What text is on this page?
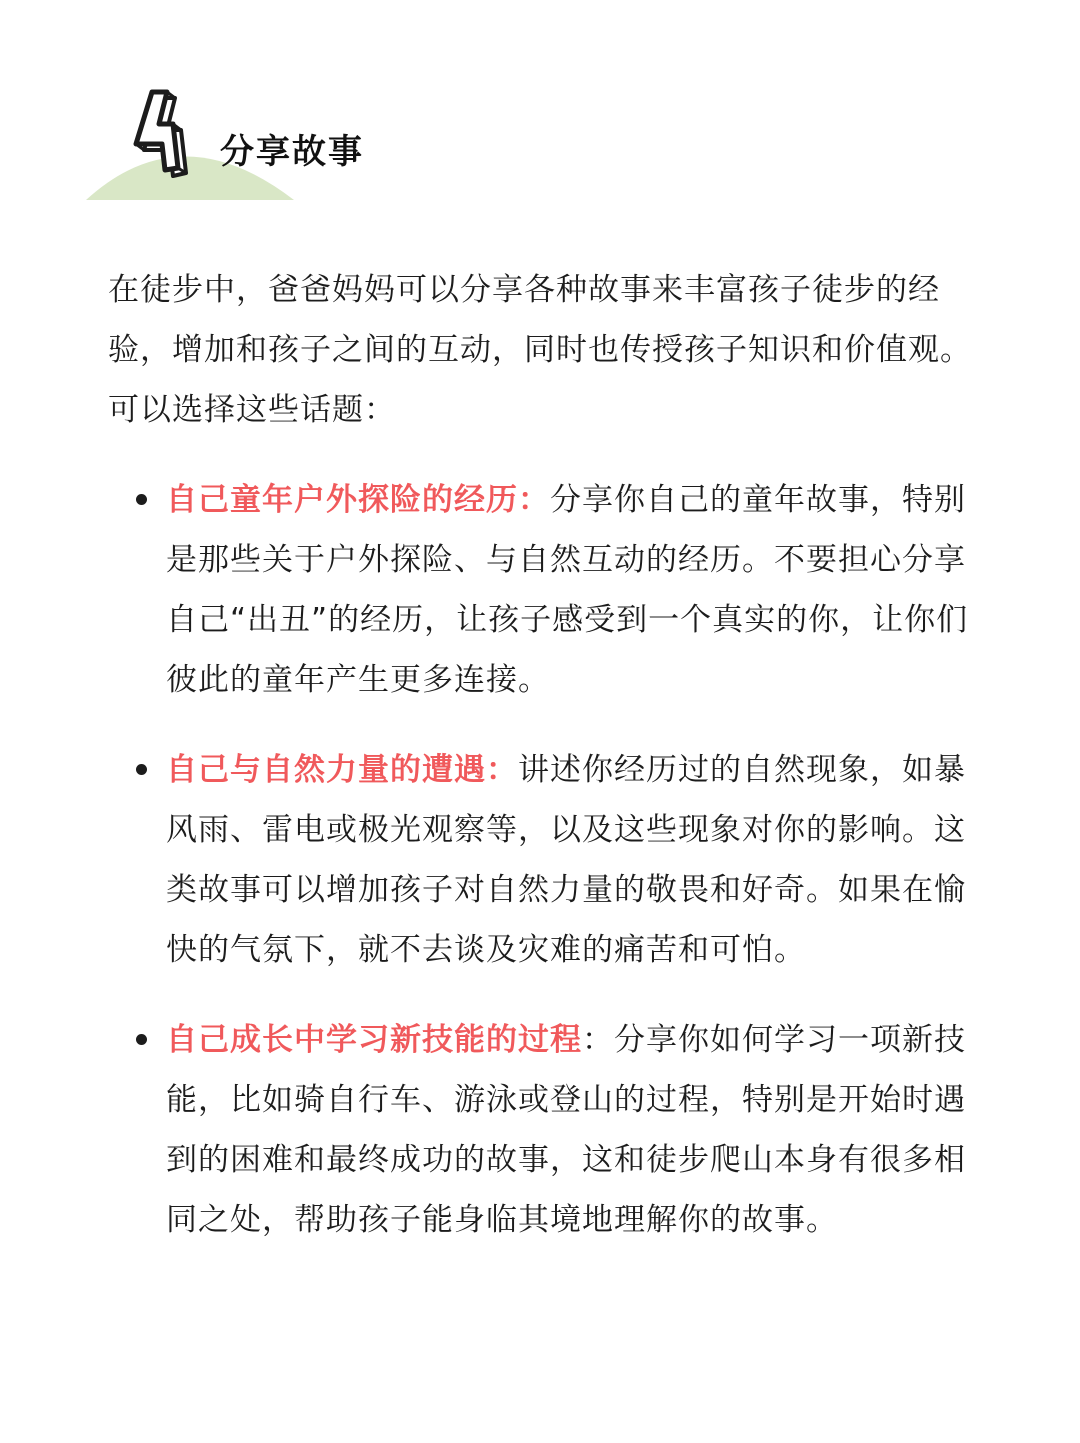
分享故事

在徒步中，爸爸妈妈可以分享各种故事来丰富孩子徒步的经验，增加和孩子之间的互动，同时也传授孩子知识和价值观。可以选择这些话题：

自己童年户外探险的经历：分享你自己的童年故事，特别是那些关于户外探险、与自然互动的经历。不要担心分享自己“出丑”的经历，让孩子感受到一个真实的你，让你们彼此的童年产生更多连接。
自己与自然力量的遭遇：讲述你经历过的自然现象，如暴风雨、雷电或极光观察等，以及这些现象对你的影响。这类故事可以增加孩子对自然力量的敬畏和好奇。如果在愉快的气氛下，就不去谈及灾难的痛苦和可怕。
自己成长中学习新技能的过程：分享你如何学习一项新技能，比如骑自行车、游泳或登山的过程，特别是开始时遇到的困难和最终成功的故事，这和徒步爬山本身有很多相同之处，帮助孩子能身临其境地理解你的故事。
